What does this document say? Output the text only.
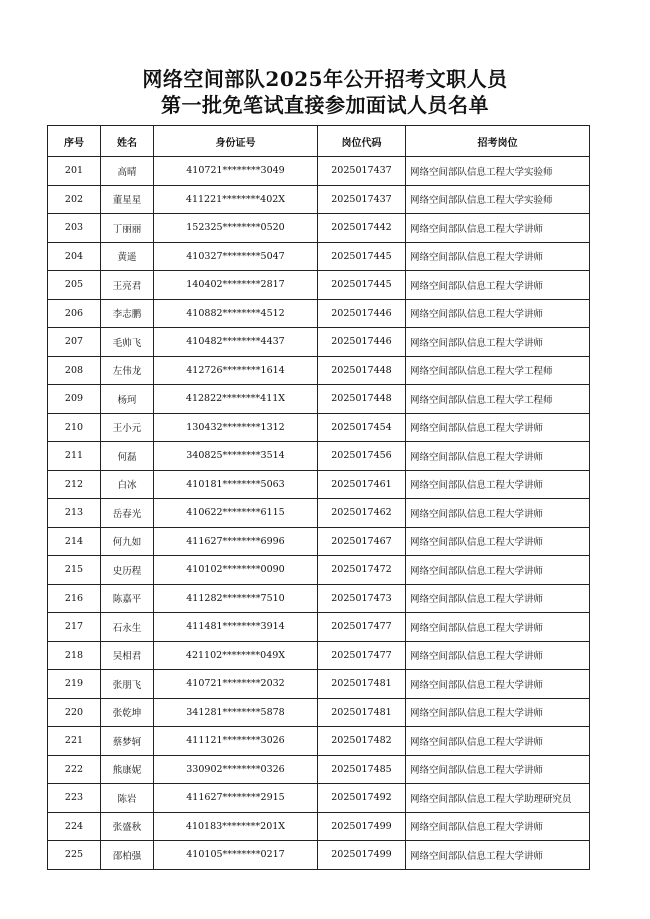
网络空间部队2025年公开招考文职人员
第一批免笔试直接参加面试人员名单
序号	姓名	身份证号	岗位代码	招考岗位
201	高晴	410721********3049	2025017437	网络空间部队信息工程大学实验师
202	董星星	411221********402X	2025017437	网络空间部队信息工程大学实验师
203	丁丽丽	152325********0520	2025017442	网络空间部队信息工程大学讲师
204	黄遥	410327********5047	2025017445	网络空间部队信息工程大学讲师
205	王亮君	140402********2817	2025017445	网络空间部队信息工程大学讲师
206	李志鹏	410882********4512	2025017446	网络空间部队信息工程大学讲师
207	毛帅飞	410482********4437	2025017446	网络空间部队信息工程大学讲师
208	左伟龙	412726********1614	2025017448	网络空间部队信息工程大学工程师
209	杨珂	412822********411X	2025017448	网络空间部队信息工程大学工程师
210	王小元	130432********1312	2025017454	网络空间部队信息工程大学讲师
211	何磊	340825********3514	2025017456	网络空间部队信息工程大学讲师
212	白冰	410181********5063	2025017461	网络空间部队信息工程大学讲师
213	岳春光	410622********6115	2025017462	网络空间部队信息工程大学讲师
214	何九如	411627********6996	2025017467	网络空间部队信息工程大学讲师
215	史历程	410102********0090	2025017472	网络空间部队信息工程大学讲师
216	陈嘉平	411282********7510	2025017473	网络空间部队信息工程大学讲师
217	石永生	411481********3914	2025017477	网络空间部队信息工程大学讲师
218	吴相君	421102********049X	2025017477	网络空间部队信息工程大学讲师
219	张朋飞	410721********2032	2025017481	网络空间部队信息工程大学讲师
220	张乾坤	341281********5878	2025017481	网络空间部队信息工程大学讲师
221	蔡梦轲	411121********3026	2025017482	网络空间部队信息工程大学讲师
222	熊康妮	330902********0326	2025017485	网络空间部队信息工程大学讲师
223	陈岩	411627********2915	2025017492	网络空间部队信息工程大学助理研究员
224	张盛秋	410183********201X	2025017499	网络空间部队信息工程大学讲师
225	邵柏强	410105********0217	2025017499	网络空间部队信息工程大学讲师
